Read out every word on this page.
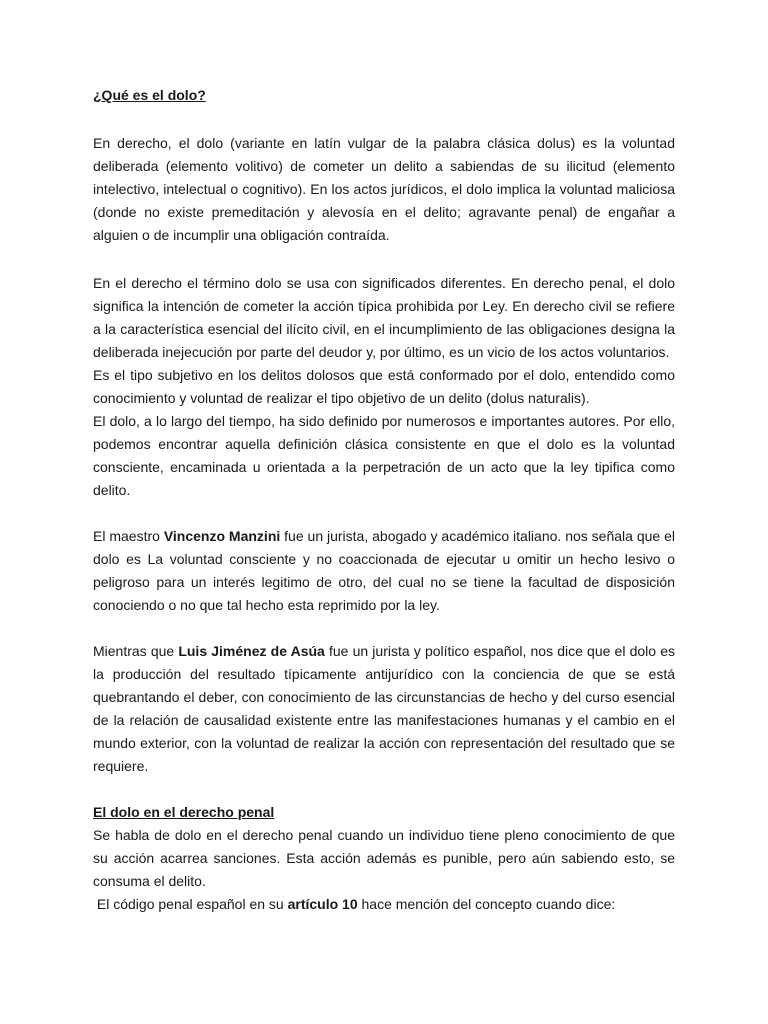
¿Qué es el dolo?

En derecho, el dolo (variante en latín vulgar de la palabra clásica dolus) es la voluntad deliberada (elemento volitivo) de cometer un delito a sabiendas de su ilicitud (elemento intelectivo, intelectual o cognitivo). En los actos jurídicos, el dolo implica la voluntad maliciosa (donde no existe premeditación y alevosía en el delito; agravante penal) de engañar a alguien o de incumplir una obligación contraída.

En el derecho el término dolo se usa con significados diferentes. En derecho penal, el dolo significa la intención de cometer la acción típica prohibida por Ley. En derecho civil se refiere a la característica esencial del ilícito civil, en el incumplimiento de las obligaciones designa la deliberada inejecución por parte del deudor y, por último, es un vicio de los actos voluntarios.

Es el tipo subjetivo en los delitos dolosos que está conformado por el dolo, entendido como conocimiento y voluntad de realizar el tipo objetivo de un delito (dolus naturalis).

El dolo, a lo largo del tiempo, ha sido definido por numerosos e importantes autores. Por ello, podemos encontrar aquella definición clásica consistente en que el dolo es la voluntad consciente, encaminada u orientada a la perpetración de un acto que la ley tipifica como delito.

El maestro Vincenzo Manzini fue un jurista, abogado y académico italiano. nos señala que el dolo es La voluntad consciente y no coaccionada de ejecutar u omitir un hecho lesivo o peligroso para un interés legitimo de otro, del cual no se tiene la facultad de disposición conociendo o no que tal hecho esta reprimido por la ley.

Mientras que Luis Jiménez de Asúa fue un jurista y político español, nos dice que el dolo es la producción del resultado típicamente antijurídico con la conciencia de que se está quebrantando el deber, con conocimiento de las circunstancias de hecho y del curso esencial de la relación de causalidad existente entre las manifestaciones humanas y el cambio en el mundo exterior, con la voluntad de realizar la acción con representación del resultado que se requiere.

El dolo en el derecho penal

Se habla de dolo en el derecho penal cuando un individuo tiene pleno conocimiento de que su acción acarrea sanciones. Esta acción además es punible, pero aún sabiendo esto, se consuma el delito.

El código penal español en su artículo 10 hace mención del concepto cuando dice:
